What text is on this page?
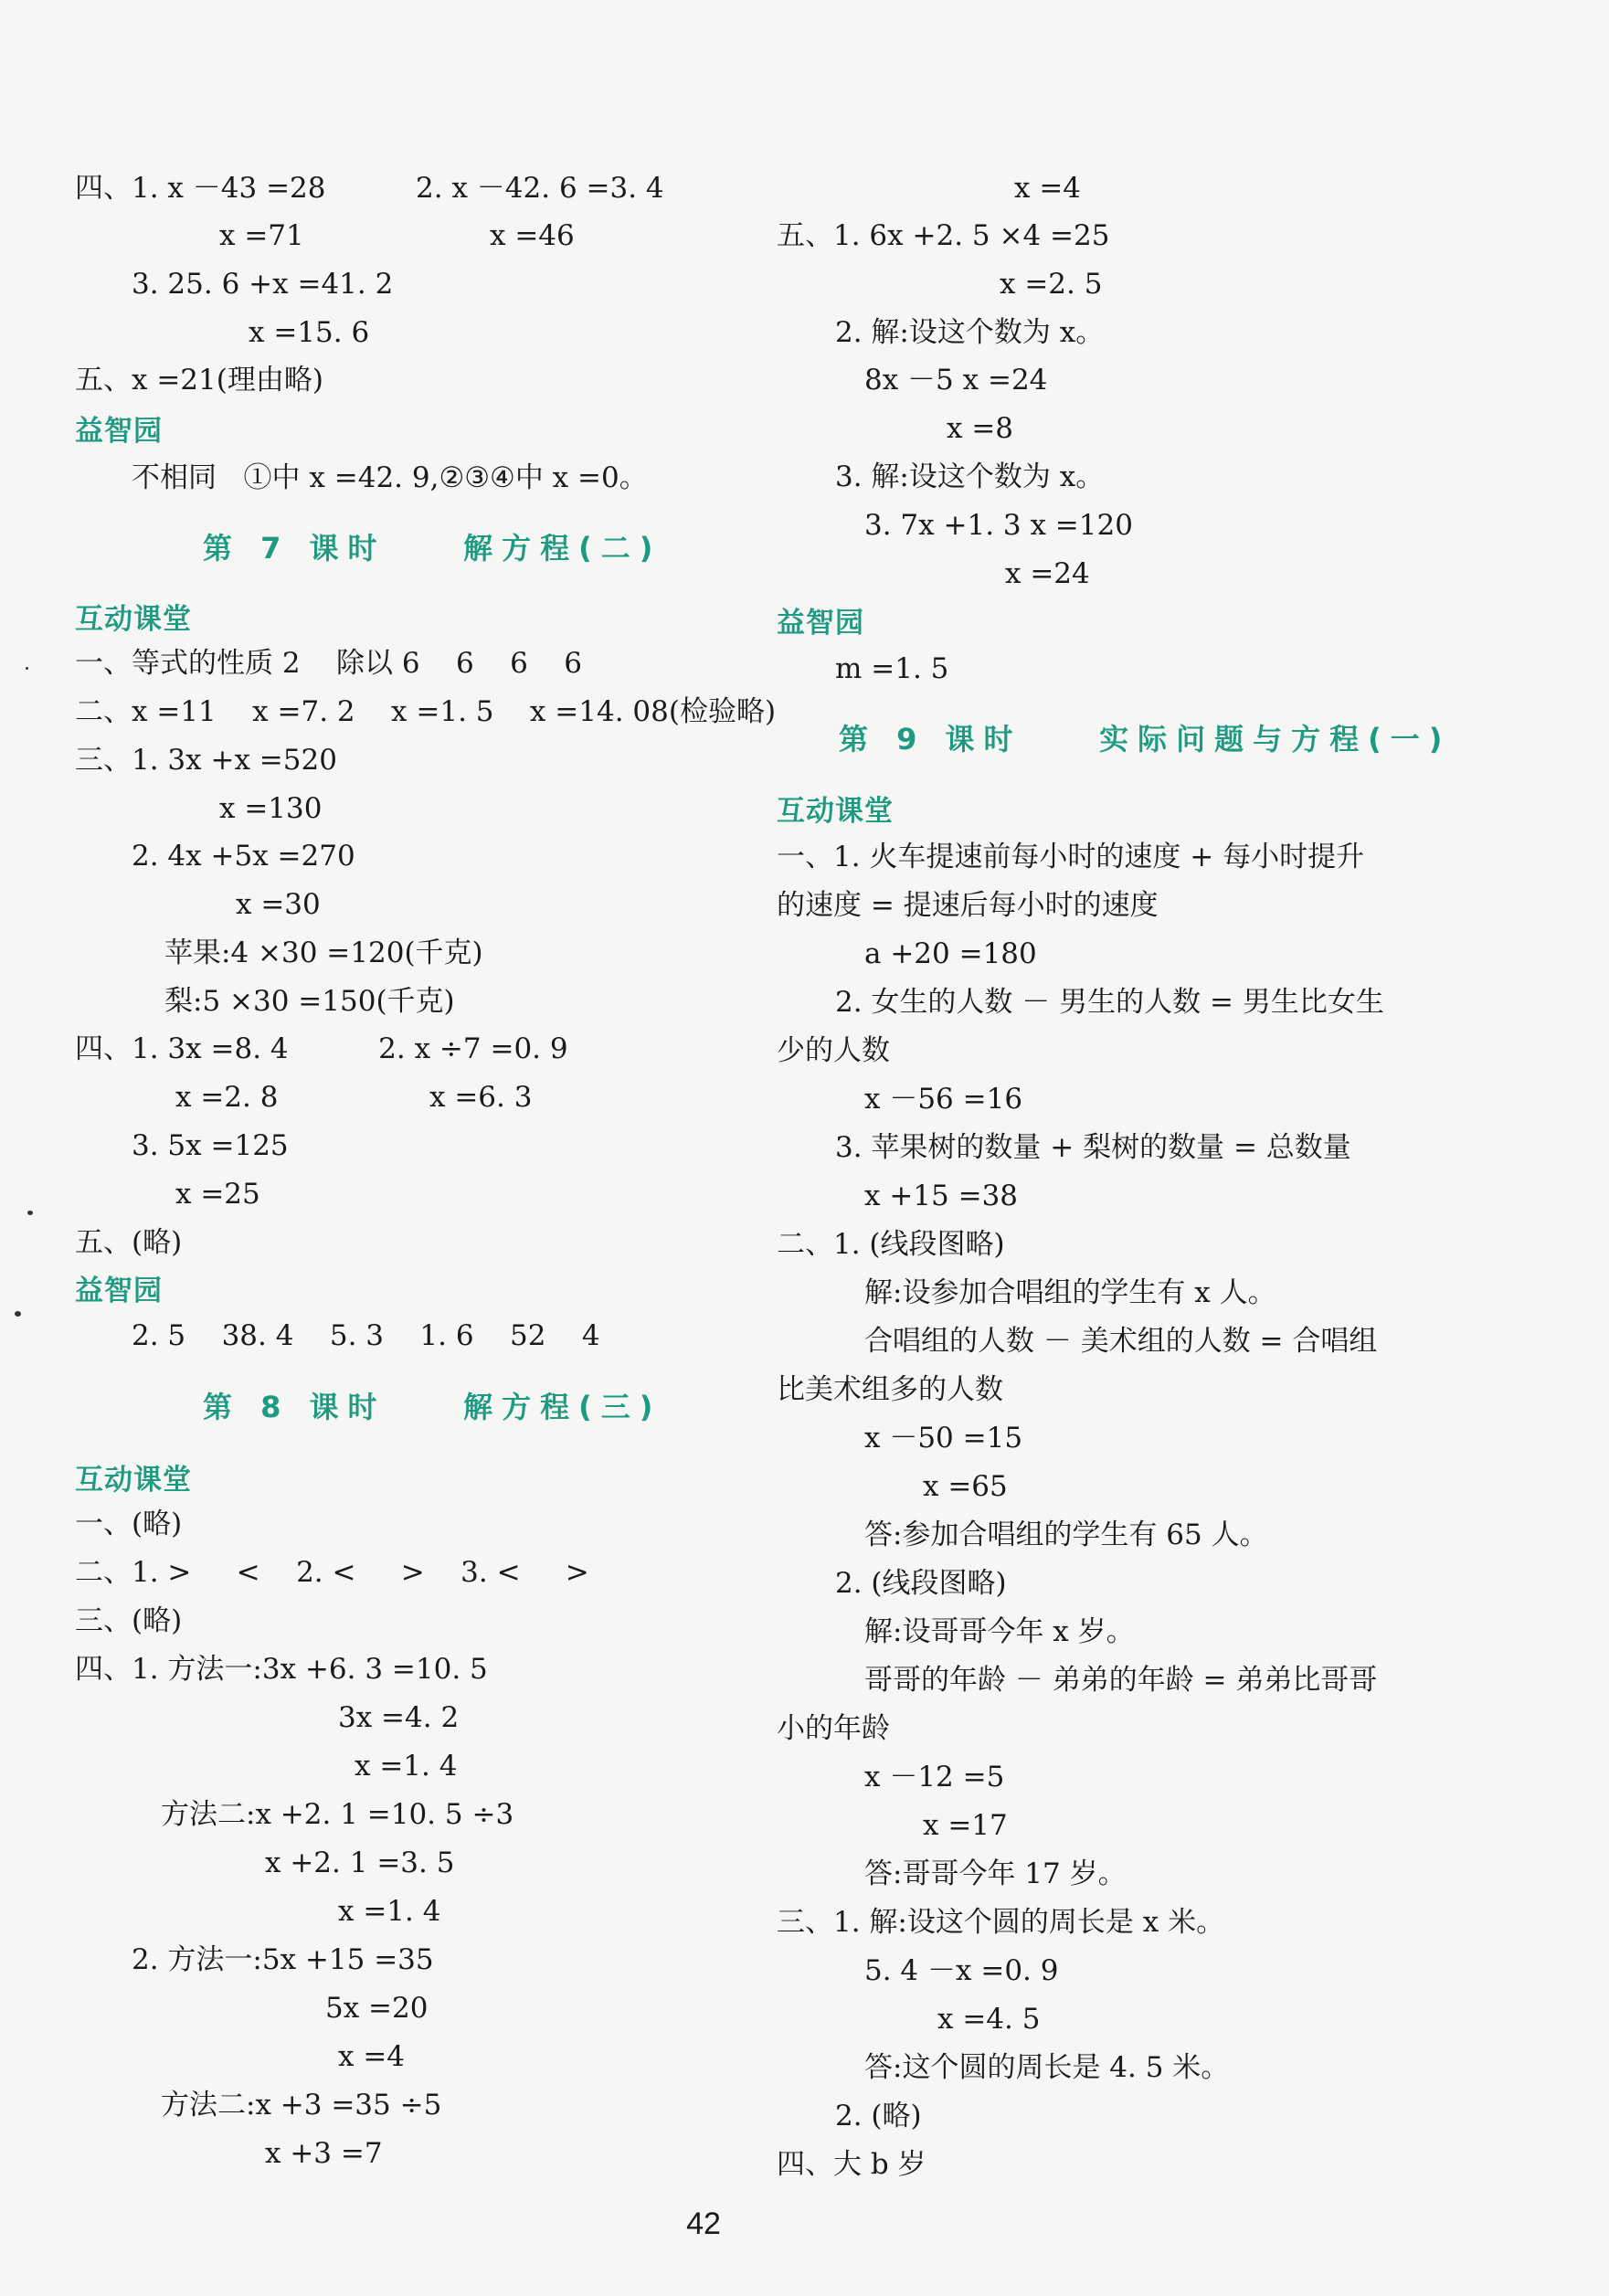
四、1. x －43 =28          2. x －42. 6 =3. 4
x =71	x =46
3. 25. 6 +x =41. 2
x =15. 6
五、x =21(理由略)
益智园
不相同   ①中 x =42. 9,②③④中 x =0。
第 7 课时    解方程(二)
互动课堂
一、等式的性质 2    除以 6    6    6    6
二、x =11    x =7. 2    x =1. 5    x =14. 08(检验略)
三、1. 3x +x =520
x =130
2. 4x +5x =270
x =30
苹果:4 ×30 =120(千克)
梨:5 ×30 =150(千克)
四、1. 3x =8. 4          2. x ÷7 =0. 9
x =2. 8	x =6. 3
3. 5x =125
x =25
五、(略)
益智园
2. 5    38. 4    5. 3    1. 6    52    4
第 8 课时    解方程(三)
互动课堂
一、(略)
二、1. >     <    2. <     >    3. <     >
三、(略)
四、1. 方法一:3x +6. 3 =10. 5
3x =4. 2
x =1. 4
方法二:x +2. 1 =10. 5 ÷3
x +2. 1 =3. 5
x =1. 4
2. 方法一:5x +15 =35
5x =20
x =4
方法二:x +3 =35 ÷5
x +3 =7
x =4
五、1. 6x +2. 5 ×4 =25
x =2. 5
2. 解:设这个数为 x。
8x －5 x =24
x =8
3. 解:设这个数为 x。
3. 7x +1. 3 x =120
x =24
益智园
m =1. 5
第 9 课时    实际问题与方程(一)
互动课堂
一、1. 火车提速前每小时的速度 + 每小时提升
的速度 = 提速后每小时的速度
a +20 =180
2. 女生的人数 － 男生的人数 = 男生比女生
少的人数
x －56 =16
3. 苹果树的数量 + 梨树的数量 = 总数量
x +15 =38
二、1. (线段图略)
解:设参加合唱组的学生有 x 人。
合唱组的人数 － 美术组的人数 = 合唱组
比美术组多的人数
x －50 =15
x =65
答:参加合唱组的学生有 65 人。
2. (线段图略)
解:设哥哥今年 x 岁。
哥哥的年龄 － 弟弟的年龄 = 弟弟比哥哥
小的年龄
x －12 =5
x =17
答:哥哥今年 17 岁。
三、1. 解:设这个圆的周长是 x 米。
5. 4 －x =0. 9
x =4. 5
答:这个圆的周长是 4. 5 米。
2. (略)
四、大 b 岁
42
